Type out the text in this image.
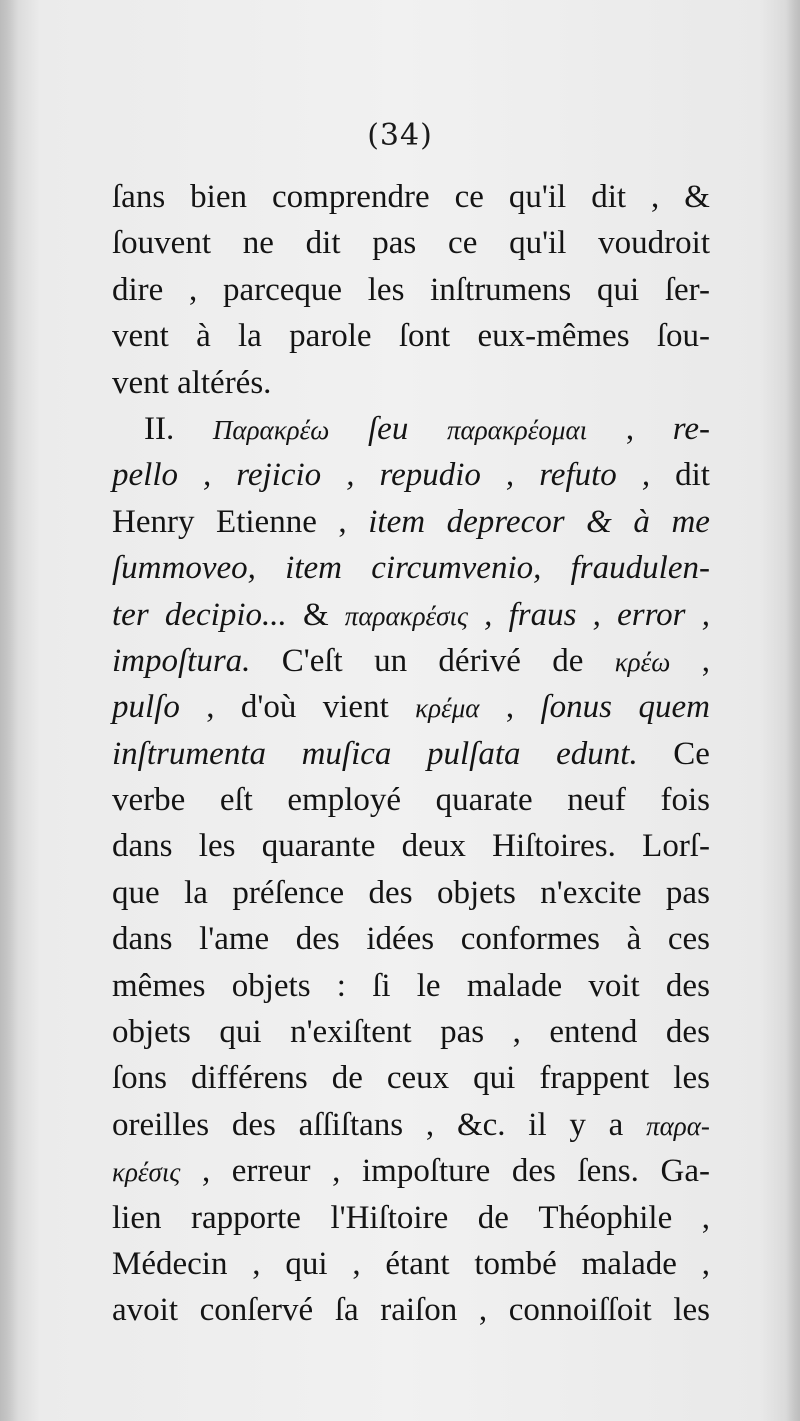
(34)
ſans bien comprendre ce qu'il dit , &
ſouvent ne dit pas ce qu'il voudroit
dire , parceque les inſtrumens qui ſer-
vent à la parole ſont eux-mêmes ſou-
vent altérés.
II. Παρακρέω ſeu παρακρέομαι , re-
pello , rejicio , repudio , refuto , dit
Henry Etienne , item deprecor & à me
ſummoveo, item circumvenio, fraudulen-
ter decipio... & παρακρέσις , fraus , error ,
impoſtura. C'eſt un dérivé de κρέω ,
pulſo , d'où vient κρέμα , ſonus quem
inſtrumenta muſica pulſata edunt. Ce
verbe eſt employé quarate neuf fois
dans les quarante deux Hiſtoires. Lorſ-
que la préſence des objets n'excite pas
dans l'ame des idées conformes à ces
mêmes objets : ſi le malade voit des
objets qui n'exiſtent pas , entend des
ſons différens de ceux qui frappent les
oreilles des aſſiſtans , &c. il y a παρα-
κρέσις , erreur , impoſture des ſens. Ga-
lien rapporte l'Hiſtoire de Théophile ,
Médecin , qui , étant tombé malade ,
avoit conſervé ſa raiſon , connoiſſoit les
